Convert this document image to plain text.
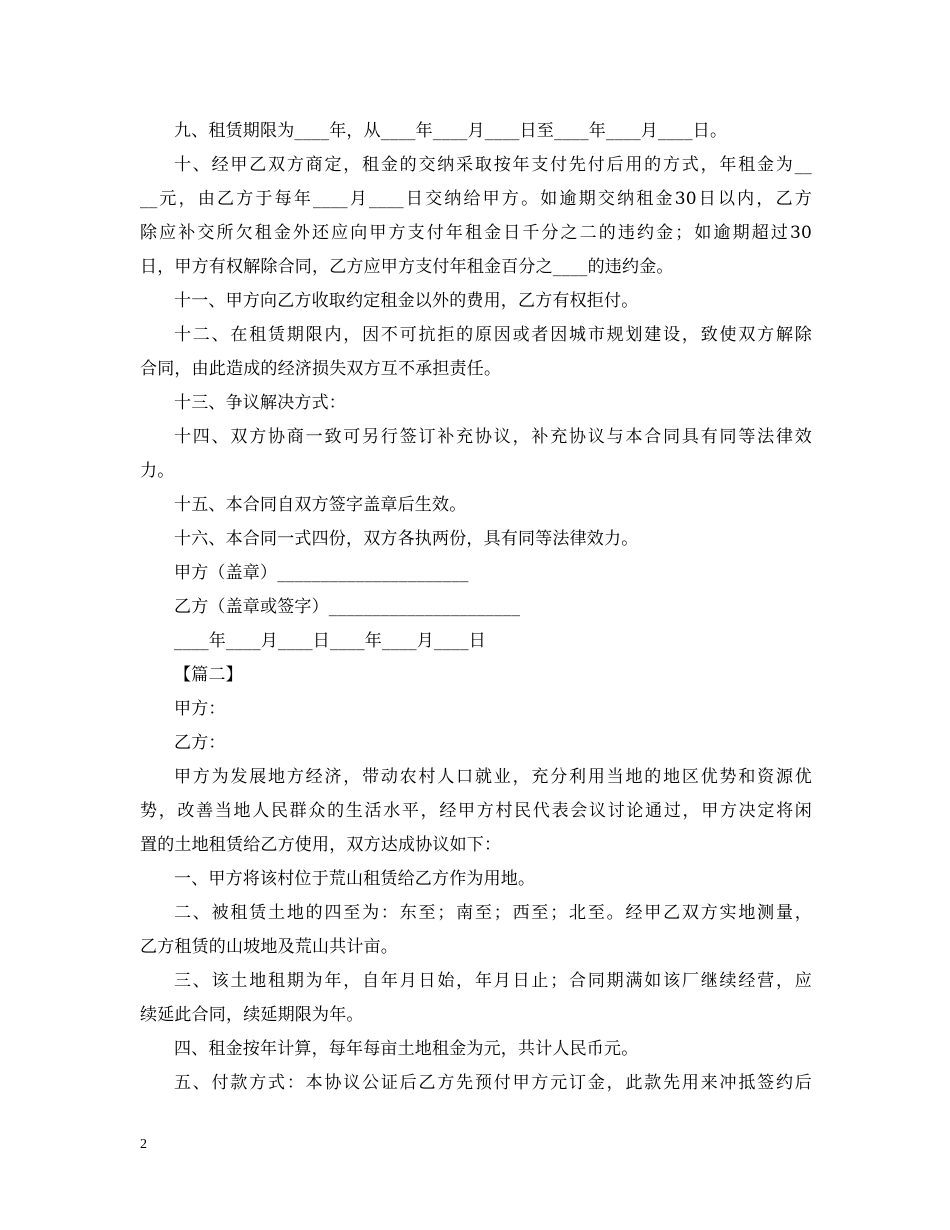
九、租赁期限为____年，从____年____月____日至____年____月____日。
十、经甲乙双方商定，租金的交纳采取按年支付先付后用的方式，年租金为__
__元，由乙方于每年____月____日交纳给甲方。如逾期交纳租金30日以内，乙方
除应补交所欠租金外还应向甲方支付年租金日千分之二的违约金；如逾期超过30
日，甲方有权解除合同，乙方应甲方支付年租金百分之____的违约金。
十一、甲方向乙方收取约定租金以外的费用，乙方有权拒付。
十二、在租赁期限内，因不可抗拒的原因或者因城市规划建设，致使双方解除
合同，由此造成的经济损失双方互不承担责任。
十三、争议解决方式：
十四、双方协商一致可另行签订补充协议，补充协议与本合同具有同等法律效
力。
十五、本合同自双方签字盖章后生效。
十六、本合同一式四份，双方各执两份，具有同等法律效力。
甲方（盖章）______________________
乙方（盖章或签字）______________________
____年____月____日____年____月____日
【篇二】
甲方：
乙方：
甲方为发展地方经济，带动农村人口就业，充分利用当地的地区优势和资源优
势，改善当地人民群众的生活水平，经甲方村民代表会议讨论通过，甲方决定将闲
置的土地租赁给乙方使用，双方达成协议如下：
一、甲方将该村位于荒山租赁给乙方作为用地。
二、被租赁土地的四至为：东至；南至；西至；北至。经甲乙双方实地测量，
乙方租赁的山坡地及荒山共计亩。
三、该土地租期为年，自年月日始，年月日止；合同期满如该厂继续经营，应
续延此合同，续延期限为年。
四、租金按年计算，每年每亩土地租金为元，共计人民币元。
五、付款方式：本协议公证后乙方先预付甲方元订金，此款先用来冲抵签约后
2
